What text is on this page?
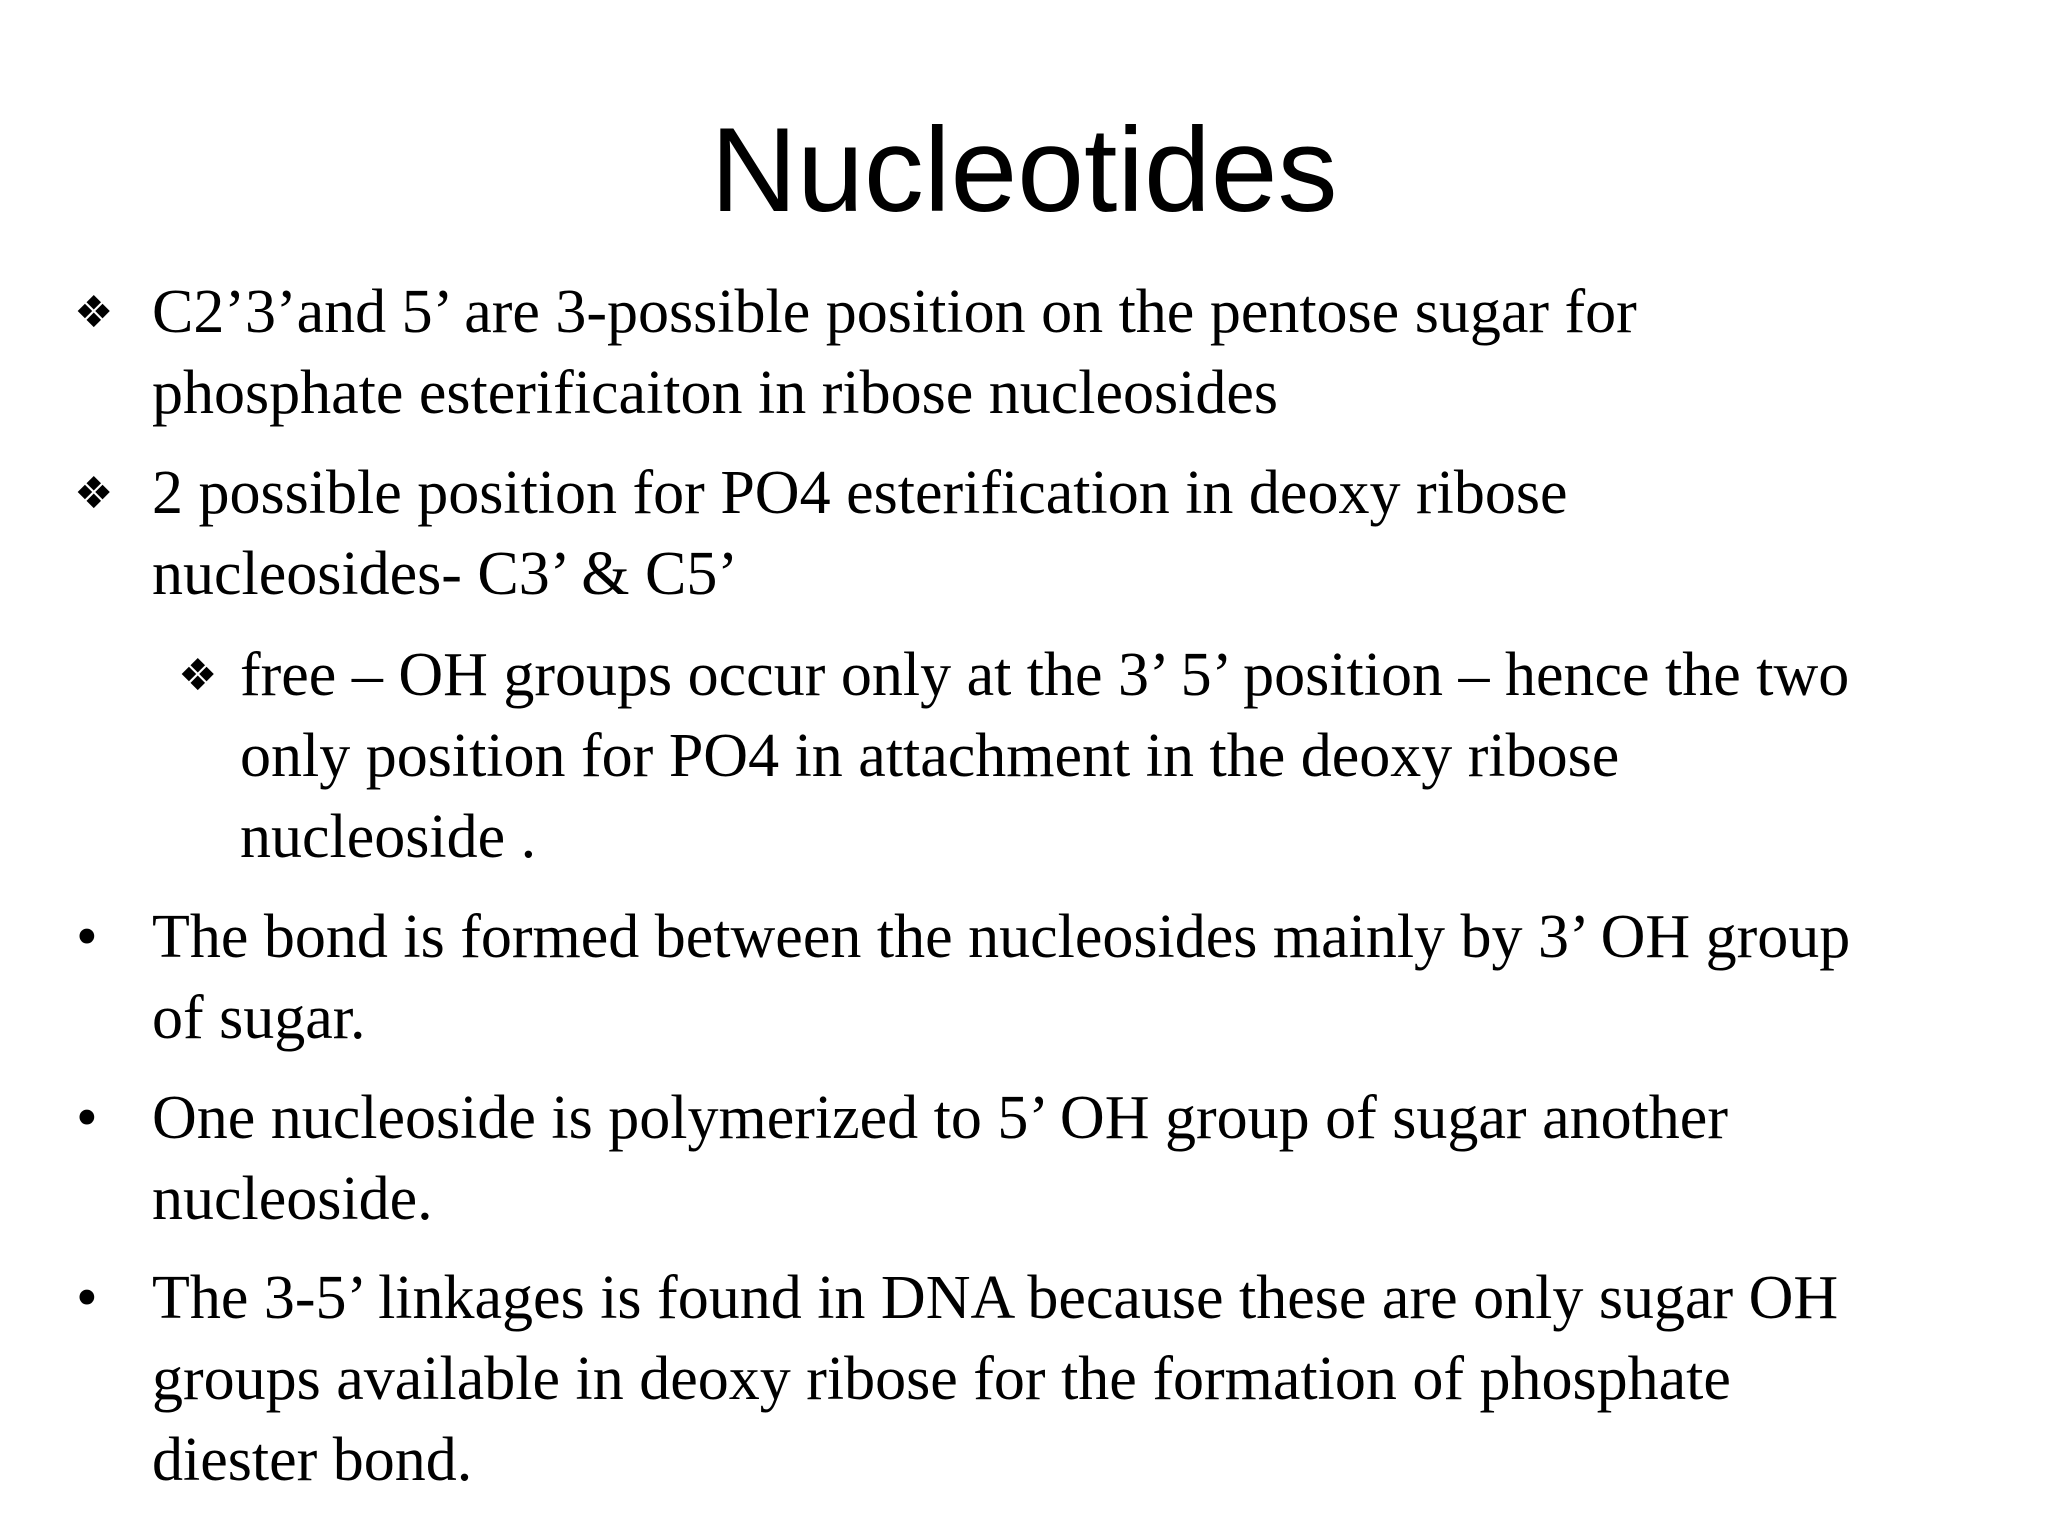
Nucleotides
❖ C2’3’and 5’ are 3-possible position on the pentose sugar for
phosphate esterificaiton in ribose nucleosides
❖ 2 possible position for PO4 esterification in deoxy ribose
nucleosides- C3’ & C5’
❖ free – OH groups occur only at the 3’ 5’ position – hence the two
only position for PO4 in attachment in the deoxy ribose
nucleoside .
• The bond is formed between the nucleosides mainly by 3’ OH group
of sugar.
• One nucleoside is polymerized to 5’ OH group of sugar another
nucleoside.
• The 3-5’ linkages is found in DNA because these are only sugar OH
groups available in deoxy ribose for the formation of phosphate
diester bond.
